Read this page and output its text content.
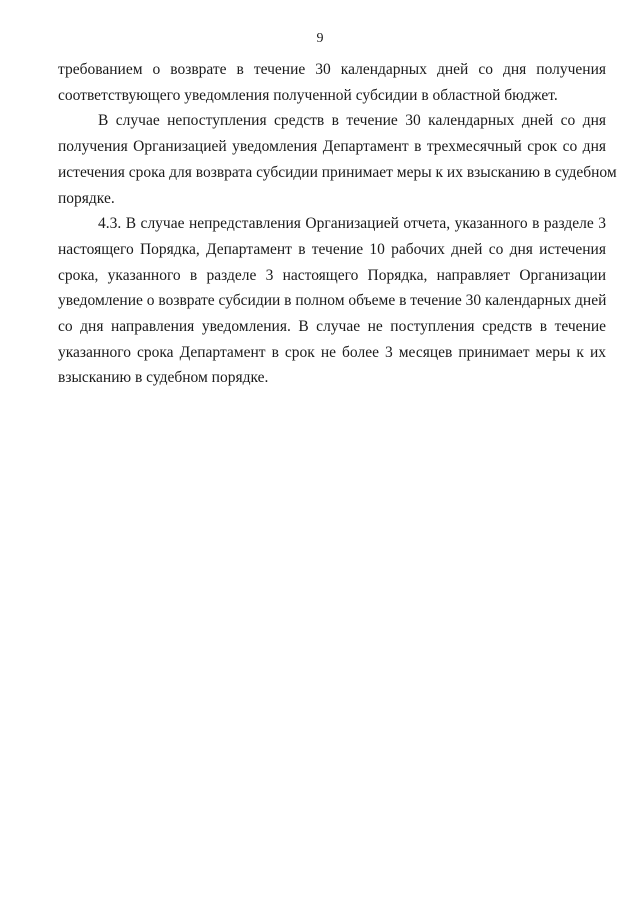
9

требованием о возврате в течение 30 календарных дней со дня получения
соответствующего уведомления полученной субсидии в областной бюджет.

В случае непоступления средств в течение 30 календарных дней со дня
получения Организацией уведомления Департамент в трехмесячный срок со дня
истечения срока для возврата субсидии принимает меры к их взысканию в судебном
порядке.

4.3. В случае непредставления Организацией отчета, указанного в разделе 3
настоящего Порядка, Департамент в течение 10 рабочих дней со дня истечения
срока, указанного в разделе 3 настоящего Порядка, направляет Организации
уведомление о возврате субсидии в полном объеме в течение 30 календарных дней
со дня направления уведомления. В случае не поступления средств в течение
указанного срока Департамент в срок не более 3 месяцев принимает меры к их
взысканию в судебном порядке.
